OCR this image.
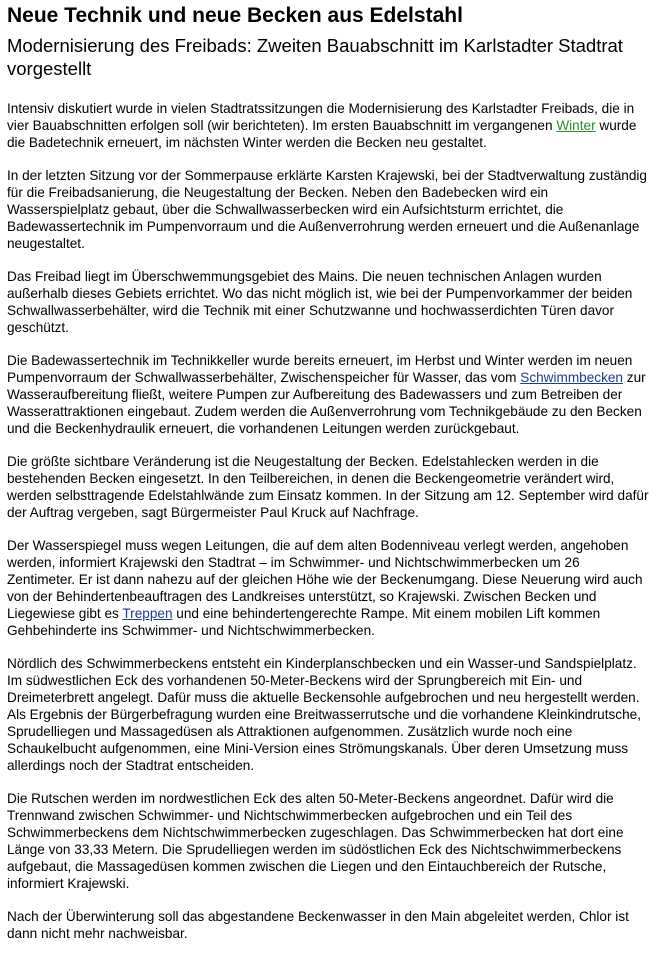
Neue Technik und neue Becken aus Edelstahl
Modernisierung des Freibads: Zweiten Bauabschnitt im Karlstadter Stadtrat vorgestellt

Intensiv diskutiert wurde in vielen Stadtratssitzungen die Modernisierung des Karlstadter Freibads, die in vier Bauabschnitten erfolgen soll (wir berichteten). Im ersten Bauabschnitt im vergangenen Winter wurde die Badetechnik erneuert, im nächsten Winter werden die Becken neu gestaltet.

In der letzten Sitzung vor der Sommerpause erklärte Karsten Krajewski, bei der Stadtverwaltung zuständig für die Freibadsanierung, die Neugestaltung der Becken. Neben den Badebecken wird ein Wasserspielplatz gebaut, über die Schwallwasserbecken wird ein Aufsichtsturm errichtet, die Badewassertechnik im Pumpenvorraum und die Außenverrohrung werden erneuert und die Außenanlage neugestaltet.

Das Freibad liegt im Überschwemmungsgebiet des Mains. Die neuen technischen Anlagen wurden außerhalb dieses Gebiets errichtet. Wo das nicht möglich ist, wie bei der Pumpenvorkammer der beiden Schwallwasserbehälter, wird die Technik mit einer Schutzwanne und hochwasserdichten Türen davor geschützt.

Die Badewassertechnik im Technikkeller wurde bereits erneuert, im Herbst und Winter werden im neuen Pumpenvorraum der Schwallwasserbehälter, Zwischenspeicher für Wasser, das vom Schwimmbecken zur Wasseraufbereitung fließt, weitere Pumpen zur Aufbereitung des Badewassers und zum Betreiben der Wasserattraktionen eingebaut. Zudem werden die Außenverrohrung vom Technikgebäude zu den Becken und die Beckenhydraulik erneuert, die vorhandenen Leitungen werden zurückgebaut.

Die größte sichtbare Veränderung ist die Neugestaltung der Becken. Edelstahlecken werden in die bestehenden Becken eingesetzt. In den Teilbereichen, in denen die Beckengeometrie verändert wird, werden selbsttragende Edelstahlwände zum Einsatz kommen. In der Sitzung am 12. September wird dafür der Auftrag vergeben, sagt Bürgermeister Paul Kruck auf Nachfrage.

Der Wasserspiegel muss wegen Leitungen, die auf dem alten Bodenniveau verlegt werden, angehoben werden, informiert Krajewski den Stadtrat – im Schwimmer- und Nichtschwimmerbecken um 26 Zentimeter. Er ist dann nahezu auf der gleichen Höhe wie der Beckenumgang. Diese Neuerung wird auch von der Behindertenbeauftragen des Landkreises unterstützt, so Krajewski. Zwischen Becken und Liegewiese gibt es Treppen und eine behindertengerechte Rampe. Mit einem mobilen Lift kommen Gehbehinderte ins Schwimmer- und Nichtschwimmerbecken.

Nördlich des Schwimmerbeckens entsteht ein Kinderplanschbecken und ein Wasser-und Sandspielplatz. Im südwestlichen Eck des vorhandenen 50-Meter-Beckens wird der Sprungbereich mit Ein- und Dreimeterbrett angelegt. Dafür muss die aktuelle Beckensohle aufgebrochen und neu hergestellt werden. Als Ergebnis der Bürgerbefragung wurden eine Breitwasserrutsche und die vorhandene Kleinkindrutsche, Sprudelliegen und Massagedüsen als Attraktionen aufgenommen. Zusätzlich wurde noch eine Schaukelbucht aufgenommen, eine Mini-Version eines Strömungskanals. Über deren Umsetzung muss allerdings noch der Stadtrat entscheiden.

Die Rutschen werden im nordwestlichen Eck des alten 50-Meter-Beckens angeordnet. Dafür wird die Trennwand zwischen Schwimmer- und Nichtschwimmerbecken aufgebrochen und ein Teil des Schwimmerbeckens dem Nichtschwimmerbecken zugeschlagen. Das Schwimmerbecken hat dort eine Länge von 33,33 Metern. Die Sprudelliegen werden im südöstlichen Eck des Nichtschwimmerbeckens aufgebaut, die Massagedüsen kommen zwischen die Liegen und den Eintauchbereich der Rutsche, informiert Krajewski.

Nach der Überwinterung soll das abgestandene Beckenwasser in den Main abgeleitet werden, Chlor ist dann nicht mehr nachweisbar.
